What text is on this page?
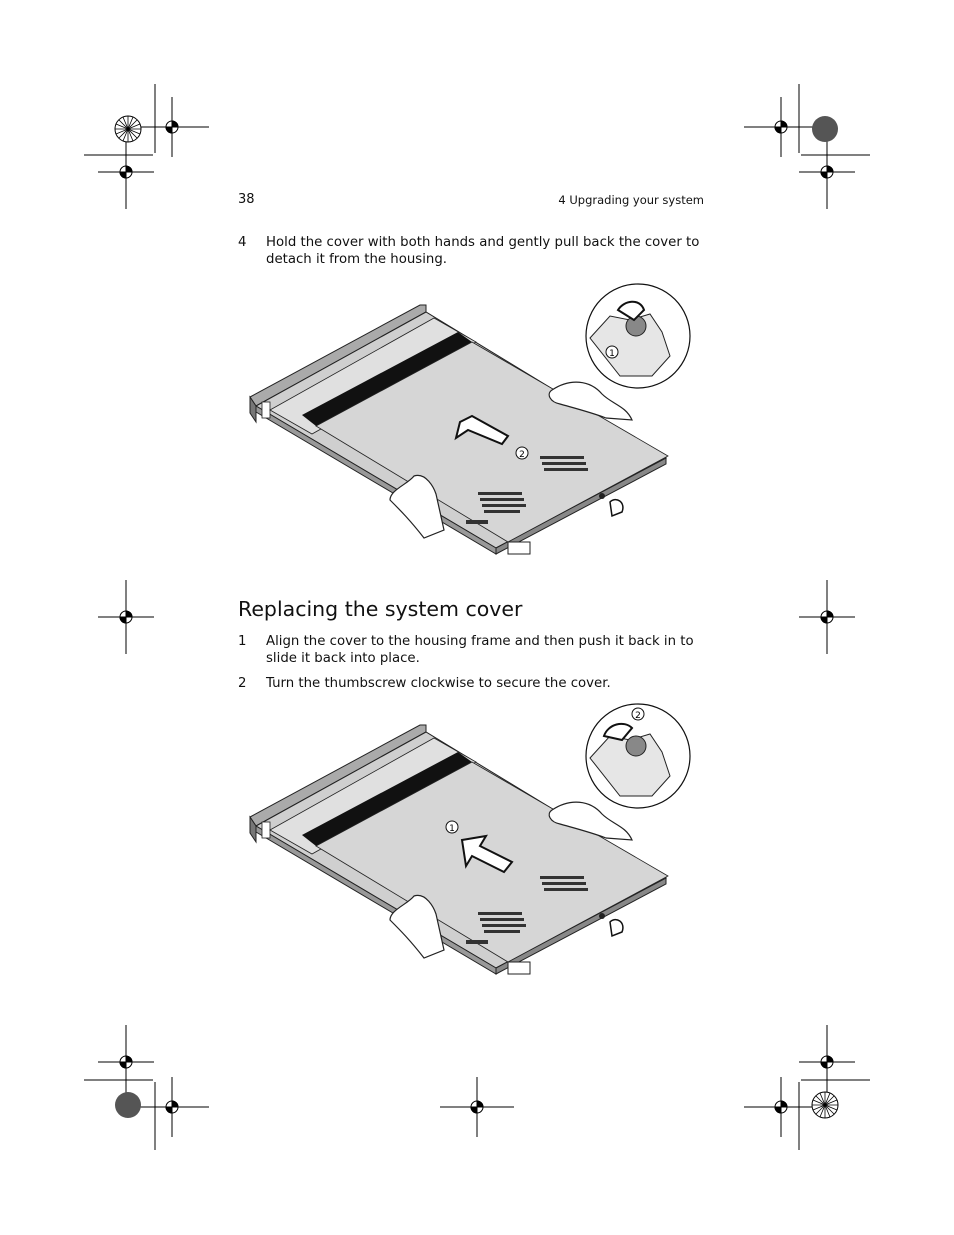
38	4 Upgrading your system
4 Hold the cover with both hands and gently pull back the cover to detach it from the housing.
2
1
Replacing the system cover
1 Align the cover to the housing frame and then push it back in to slide it back into place.
2 Turn the thumbscrew clockwise to secure the cover.
1
2
